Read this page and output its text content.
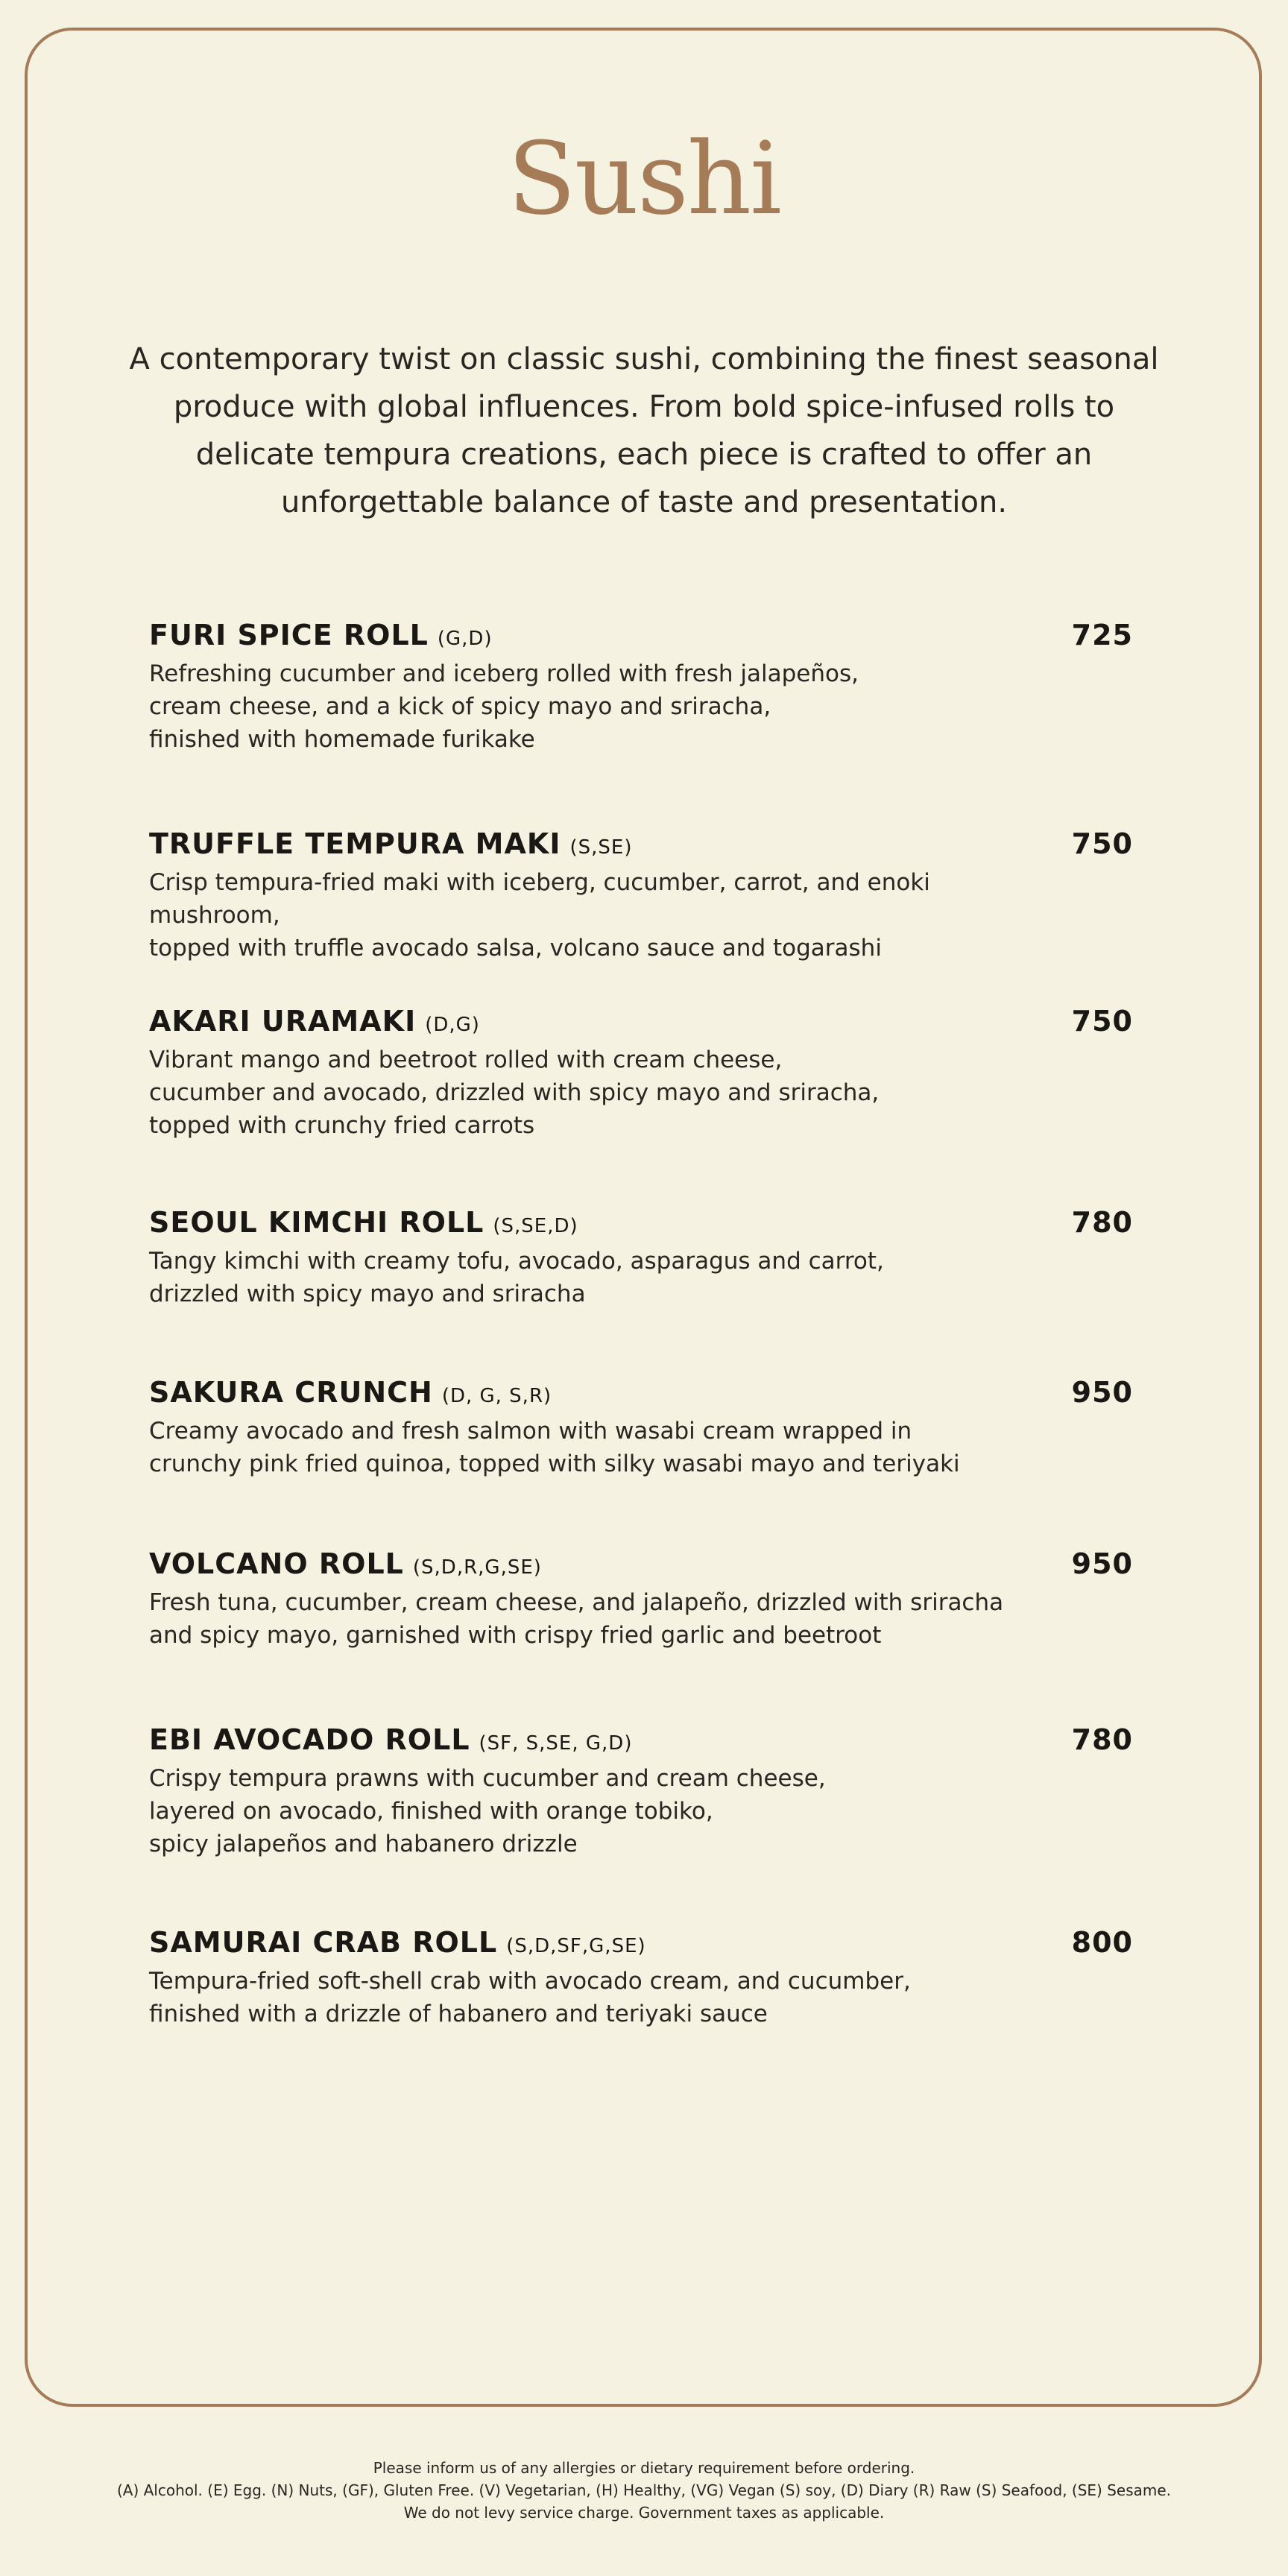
Sushi

A contemporary twist on classic sushi, combining the finest seasonal produce with global influences. From bold spice-infused rolls to delicate tempura creations, each piece is crafted to offer an unforgettable balance of taste and presentation.

FURI SPICE ROLL (G,D)	725
Refreshing cucumber and iceberg rolled with fresh jalapeños,
cream cheese, and a kick of spicy mayo and sriracha,
finished with homemade furikake
TRUFFLE TEMPURA MAKI (S,SE)	750
Crisp tempura-fried maki with iceberg, cucumber, carrot, and enoki mushroom,
topped with truffle avocado salsa, volcano sauce and togarashi
AKARI URAMAKI (D,G)	750
Vibrant mango and beetroot rolled with cream cheese,
cucumber and avocado, drizzled with spicy mayo and sriracha,
topped with crunchy fried carrots
SEOUL KIMCHI ROLL (S,SE,D)	780
Tangy kimchi with creamy tofu, avocado, asparagus and carrot,
drizzled with spicy mayo and sriracha
SAKURA CRUNCH (D, G, S,R)	950
Creamy avocado and fresh salmon with wasabi cream wrapped in
crunchy pink fried quinoa, topped with silky wasabi mayo and teriyaki
VOLCANO ROLL (S,D,R,G,SE)	950
Fresh tuna, cucumber, cream cheese, and jalapeño, drizzled with sriracha
and spicy mayo, garnished with crispy fried garlic and beetroot
EBI AVOCADO ROLL (SF, S,SE, G,D)	780
Crispy tempura prawns with cucumber and cream cheese,
layered on avocado, finished with orange tobiko,
spicy jalapeños and habanero drizzle
SAMURAI CRAB ROLL (S,D,SF,G,SE)	800
Tempura-fried soft-shell crab with avocado cream, and cucumber,
finished with a drizzle of habanero and teriyaki sauce
Please inform us of any allergies or dietary requirement before ordering.
(A) Alcohol. (E) Egg. (N) Nuts, (GF), Gluten Free. (V) Vegetarian, (H) Healthy, (VG) Vegan (S) soy, (D) Diary (R) Raw (S) Seafood, (SE) Sesame.
We do not levy service charge. Government taxes as applicable.
